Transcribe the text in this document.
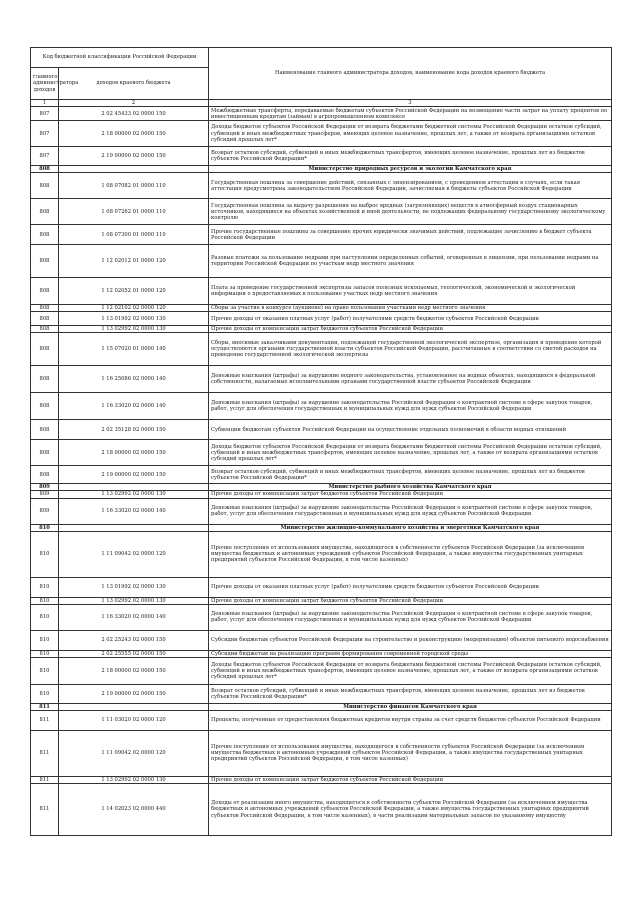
Код бюджетной классификации Российской Федерации		Наименование главного администратора доходов, наименование кода доходов краевого бюджета
главного администратора доходов	доходов краевого бюджета	
1	2	3
807	2 02 45433 02 0000 150	Межбюджетные трансферты, передаваемые бюджетам субъектов Российской Федерации на возмещение части затрат на уплату процентов по инвестиционным кредитам (займам) в агропромышленном комплексе
807	2 18 00000 02 0000 150	Доходы бюджетов субъектов Российской Федерации от возврата бюджетами бюджетной системы Российской Федерации остатков субсидий, субвенций и иных межбюджетных трансферов, имеющих целевое назначение, прошлых лет, а также от возврата организациями остатков субсидий прошлых лет*
807	2 19 00000 02 0000 150	Возврат остатков субсидий, субвенций и иных межбюджетных трансфертов, имеющих целевое назначение, прошлых лет из бюджетов субъектов Российской Федерации*
808		Министерство природных ресурсов и экологии Камчатского края
808	1 08 07082 01 0000 110	Государственная пошлина за совершение действий, связанных с лицензированием, с проведением аттестации в случаях, если такая аттестация предусмотрена законодательством Российской Федерации, зачисляемая в бюджеты субъектов Российской Федерации
808	1 08 07262 01 0000 110	Государственная пошлина за выдачу разрешения на выброс вредных (загрязняющих) веществ в атмосферный воздух стационарных источников, находящихся на объектах хозяйственной и иной деятельности, не подлежащих федеральному государственному экологическому контролю
808	1 08 07300 01 0000 110	Прочие государственные пошлины за совершение прочих юридически значимых действий, подлежащие зачислению в бюджет субъекта Российской Федерации
808	1 12 02012 01 0000 120	Разовые платежи за пользование недрами при наступлении определенных событий, оговоренных в лицензии, при пользовании недрами на территории Российской Федерации по участкам недр местного значения
808	1 12 02052 01 0000 120	Плата за проведение государственной экспертизы запасов полезных ископаемых, геологической, экономической и экологической информации о предоставляемых в пользование участках недр местного значения
808	1 12 02102 02 0000 120	Сборы за участие в конкурсе (аукционе) на право пользования участками недр местного значения
808	1 13 01992 02 0000 130	Прочие доходы от оказания платных услуг (работ) получателями средств бюджетов субъектов Российской Федерации
808	1 13 02992 02 0000 130	Прочие доходы от компенсации затрат бюджетов субъектов Российской Федерации
808	1 15 07020 01 0000 140	Сборы, вносимые заказчиками документации, подлежащей государственной экологической экспертизе, организация и проведение которой осуществляются органами государственной власти субъектов Российской Федерации, рассчитанные в соответствии со сметой расходов на проведение государственной экологической экспертизы
808	1 16 25086 02 0000 140	Денежные взыскания (штрафы) за нарушение водного законодательства, установленное на водных объектах, находящихся в федеральной собственности, налагаемые исполнительными органами государственной власти субъектов Российской Федерации
808	1 16 33020 02 0000 140	Денежные взыскания (штрафы) за нарушение законодательства Российской Федерации о контрактной системе в сфере закупок товаров, работ, услуг для обеспечения государственных и муниципальных нужд для нужд субъектов Российской Федерации
808	2 02 35128 02 0000 150	Субвенции бюджетам субъектов Российской Федерации на осуществление отдельных полномочий в области водных отношений
808	2 18 00000 02 0000 150	Доходы бюджетов субъектов Российской Федерации от возврата бюджетами бюджетной системы Российской Федерации остатков субсидий, субвенций и иных межбюджетных трансфертов, имеющих целевое назначение, прошлых лет, а также от возврата организациями остатков субсидий прошлых лет*
808	2 19 00000 02 0000 150	Возврат остатков субсидий, субвенций и иных межбюджетных трансфертов, имеющих целевое назначение, прошлых лет из бюджетов субъектов Российской Федерации*
809		Министерство рыбного хозяйства Камчатского края
809	1 13 02992 02 0000 130	Прочие доходы от компенсации затрат бюджетов субъектов Российской Федерации
809	1 16 33020 02 0000 140	Денежные взыскания (штрафы) за нарушение законодательства Российской Федерации о контрактной системе в сфере закупок товаров, работ, услуг для обеспечения государственных и муниципальных нужд для нужд субъектов Российской Федерации
810		Министерство жилищно-коммунального хозяйства и энергетики Камчатского края
810	1 11 09042 02 0000 120	Прочие поступления от использования имущества, находящегося в собственности субъектов Российской Федерации (за исключением имущества бюджетных и автономных учреждений субъектов Российской Федерации, а также имущества государственных унитарных предприятий субъектов Российской Федерации, в том числе казенных)
810	1 13 01992 02 0000 130	Прочие доходы от оказания платных услуг (работ) получателями средств бюджетов субъектов Российской Федерации
810	1 13 02992 02 0000 130	Прочие доходы от компенсации затрат бюджетов субъектов Российской Федерации
810	1 16 33020 02 0000 140	Денежные взыскания (штрафы) за нарушение законодательства Российской Федерации о контрактной системе в сфере закупок товаров, работ, услуг для обеспечения государственных и муниципальных нужд для нужд субъектов Российской Федерации
810	2 02 25243 02 0000 150	Субсидии бюджетам субъектов Российской Федерации на строительство и реконструкцию (модернизацию) объектов питьевого водоснабжения
810	2 02 25555 02 0000 150	Субсидии бюджетам на реализацию программ формирования современной городской среды
810	2 18 00000 02 0000 150	Доходы бюджетов субъектов Российской Федерации от возврата бюджетами бюджетной системы Российской Федерации остатков субсидий, субвенций и иных межбюджетных трансфертов, имеющих целевое назначение, прошлых лет, а также от возврата организациями остатков субсидий прошлых лет*
810	2 19 00000 02 0000 150	Возврат остатков субсидий, субвенций и иных межбюджетных трансфертов, имеющих целевое назначение, прошлых лет из бюджетов субъектов Российской Федерации*
811		Министерство финансов Камчатского края
811	1 11 03020 02 0000 120	Проценты, полученные от предоставления бюджетных кредитов внутри страны за счет средств бюджетов субъектов Российской Федерации
811	1 11 09042 02 0000 120	Прочие поступления от использования имущества, находящегося в собственности субъектов Российской Федерации (за исключением имущества бюджетных и автономных учреждений субъектов Российской Федерации, а также имущества государственных унитарных предприятий субъектов Российской Федерации, в том числе казенных)
811	1 13 02992 02 0000 130	Прочие доходы от компенсации затрат бюджетов субъектов Российской Федерации
811	1 14 02023 02 0000 440	Доходы от реализации иного имущества, находящегося в собственности субъектов Российской Федерации (за исключением имущества бюджетных и автономных учреждений субъектов Российской Федерации, а также имущества государственных унитарных предприятий субъектов Российской Федерации, в том числе казенных), в части реализации материальных запасов по указанному имуществу
